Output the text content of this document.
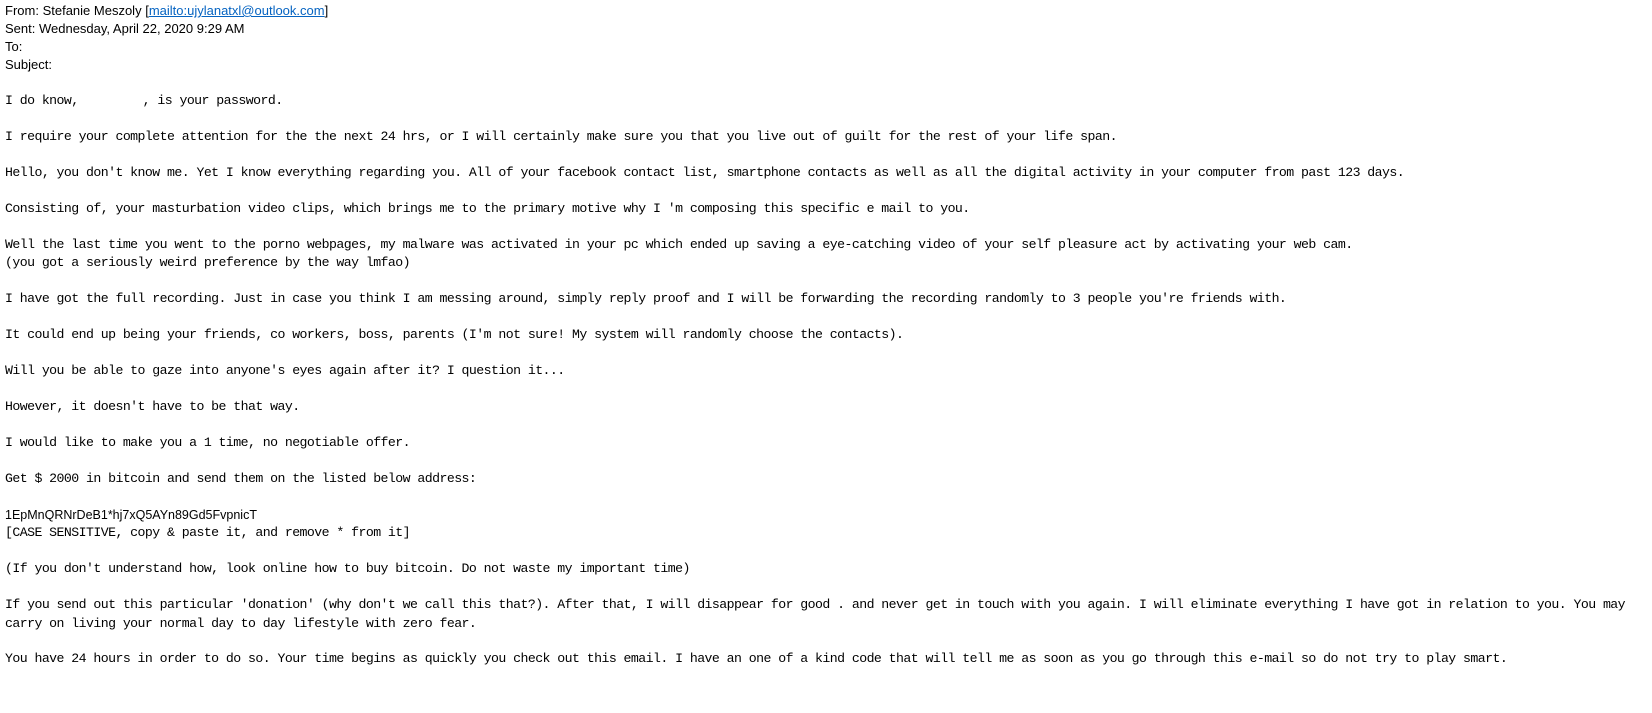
From: Stefanie Meszoly [mailto:ujylanatxl@outlook.com]
Sent: Wednesday, April 22, 2020 9:29 AM
To:
Subject:
I do know,	, is your password.
I require your complete attention for the the next 24 hrs, or I will certainly make sure you that you live out of guilt for the rest of your life span.
Hello, you don't know me. Yet I know everything regarding you. All of your facebook contact list, smartphone contacts as well as all the digital activity in your computer from past 123 days.
Consisting of, your masturbation video clips, which brings me to the primary motive why I 'm composing this specific e mail to you.
Well the last time you went to the porno webpages, my malware was activated in your pc which ended up saving a eye-catching video of your self pleasure act by activating your web cam.
(you got a seriously weird preference by the way lmfao)
I have got the full recording. Just in case you think I am messing around, simply reply proof and I will be forwarding the recording randomly to 3 people you're friends with.
It could end up being your friends, co workers, boss, parents (I'm not sure! My system will randomly choose the contacts).
Will you be able to gaze into anyone's eyes again after it? I question it...
However, it doesn't have to be that way.
I would like to make you a 1 time, no negotiable offer.
Get $ 2000 in bitcoin and send them on the listed below address:
1EpMnQRNrDeB1*hj7xQ5AYn89Gd5FvpnicT
[CASE SENSITIVE, copy & paste it, and remove * from it]
(If you don't understand how, look online how to buy bitcoin. Do not waste my important time)
If you send out this particular 'donation' (why don't we call this that?). After that, I will disappear for good . and never get in touch with you again. I will eliminate everything I have got in relation to you. You may carry on living your normal day to day lifestyle with zero fear.
You have 24 hours in order to do so. Your time begins as quickly you check out this email. I have an one of a kind code that will tell me as soon as you go through this e-mail so do not try to play smart.
